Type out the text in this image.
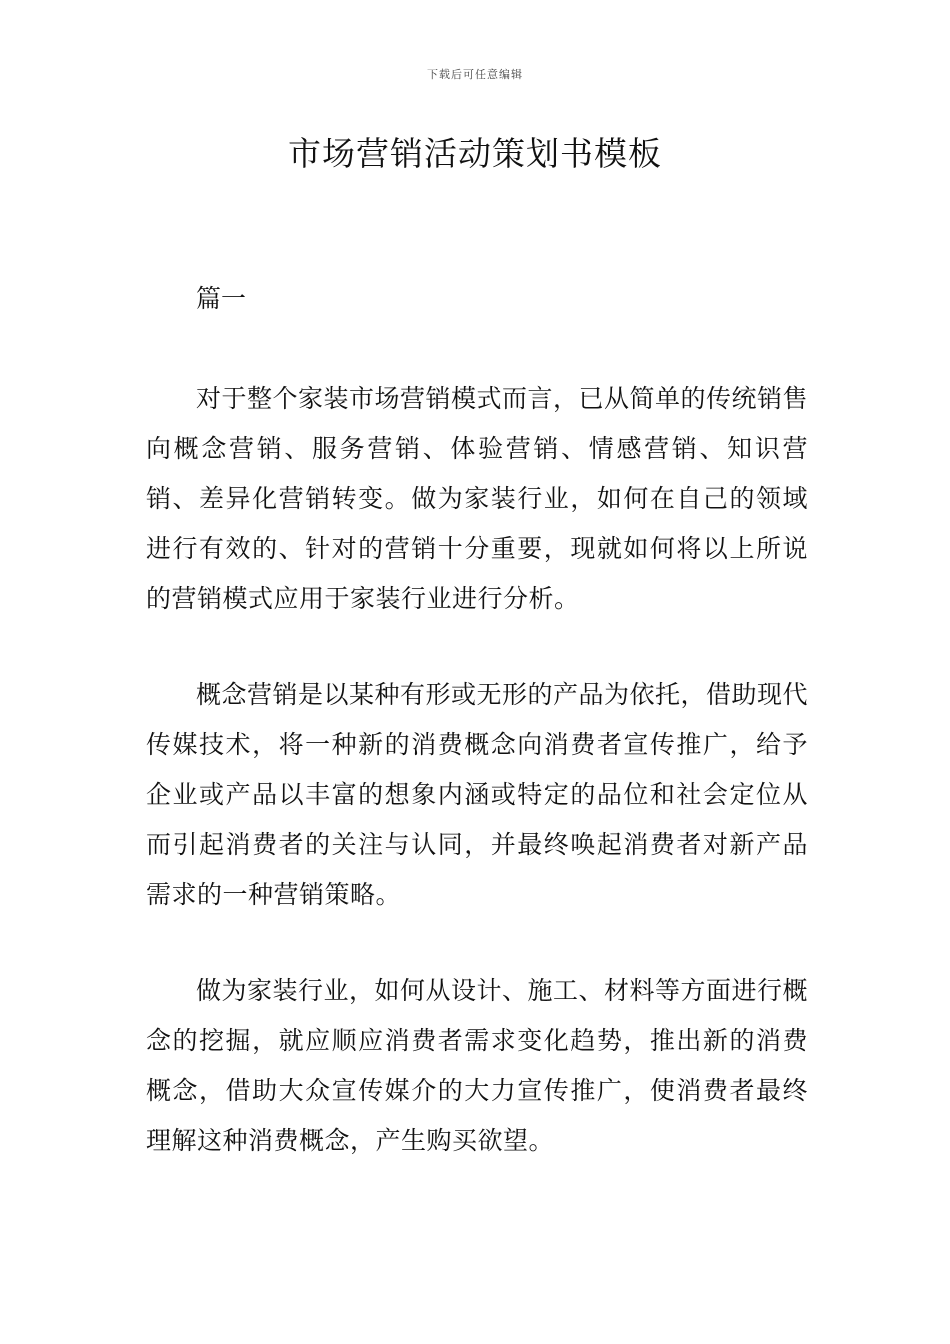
下载后可任意编辑
市场营销活动策划书模板

篇一

对于整个家装市场营销模式而言，已从简单的传统销售向概念营销、服务营销、体验营销、情感营销、知识营销、差异化营销转变。做为家装行业，如何在自己的领域进行有效的、针对的营销十分重要，现就如何将以上所说的营销模式应用于家装行业进行分析。

概念营销是以某种有形或无形的产品为依托，借助现代传媒技术，将一种新的消费概念向消费者宣传推广，给予企业或产品以丰富的想象内涵或特定的品位和社会定位从而引起消费者的关注与认同，并最终唤起消费者对新产品需求的一种营销策略。

做为家装行业，如何从设计、施工、材料等方面进行概念的挖掘，就应顺应消费者需求变化趋势，推出新的消费概念，借助大众宣传媒介的大力宣传推广，使消费者最终理解这种消费概念，产生购买欲望。
